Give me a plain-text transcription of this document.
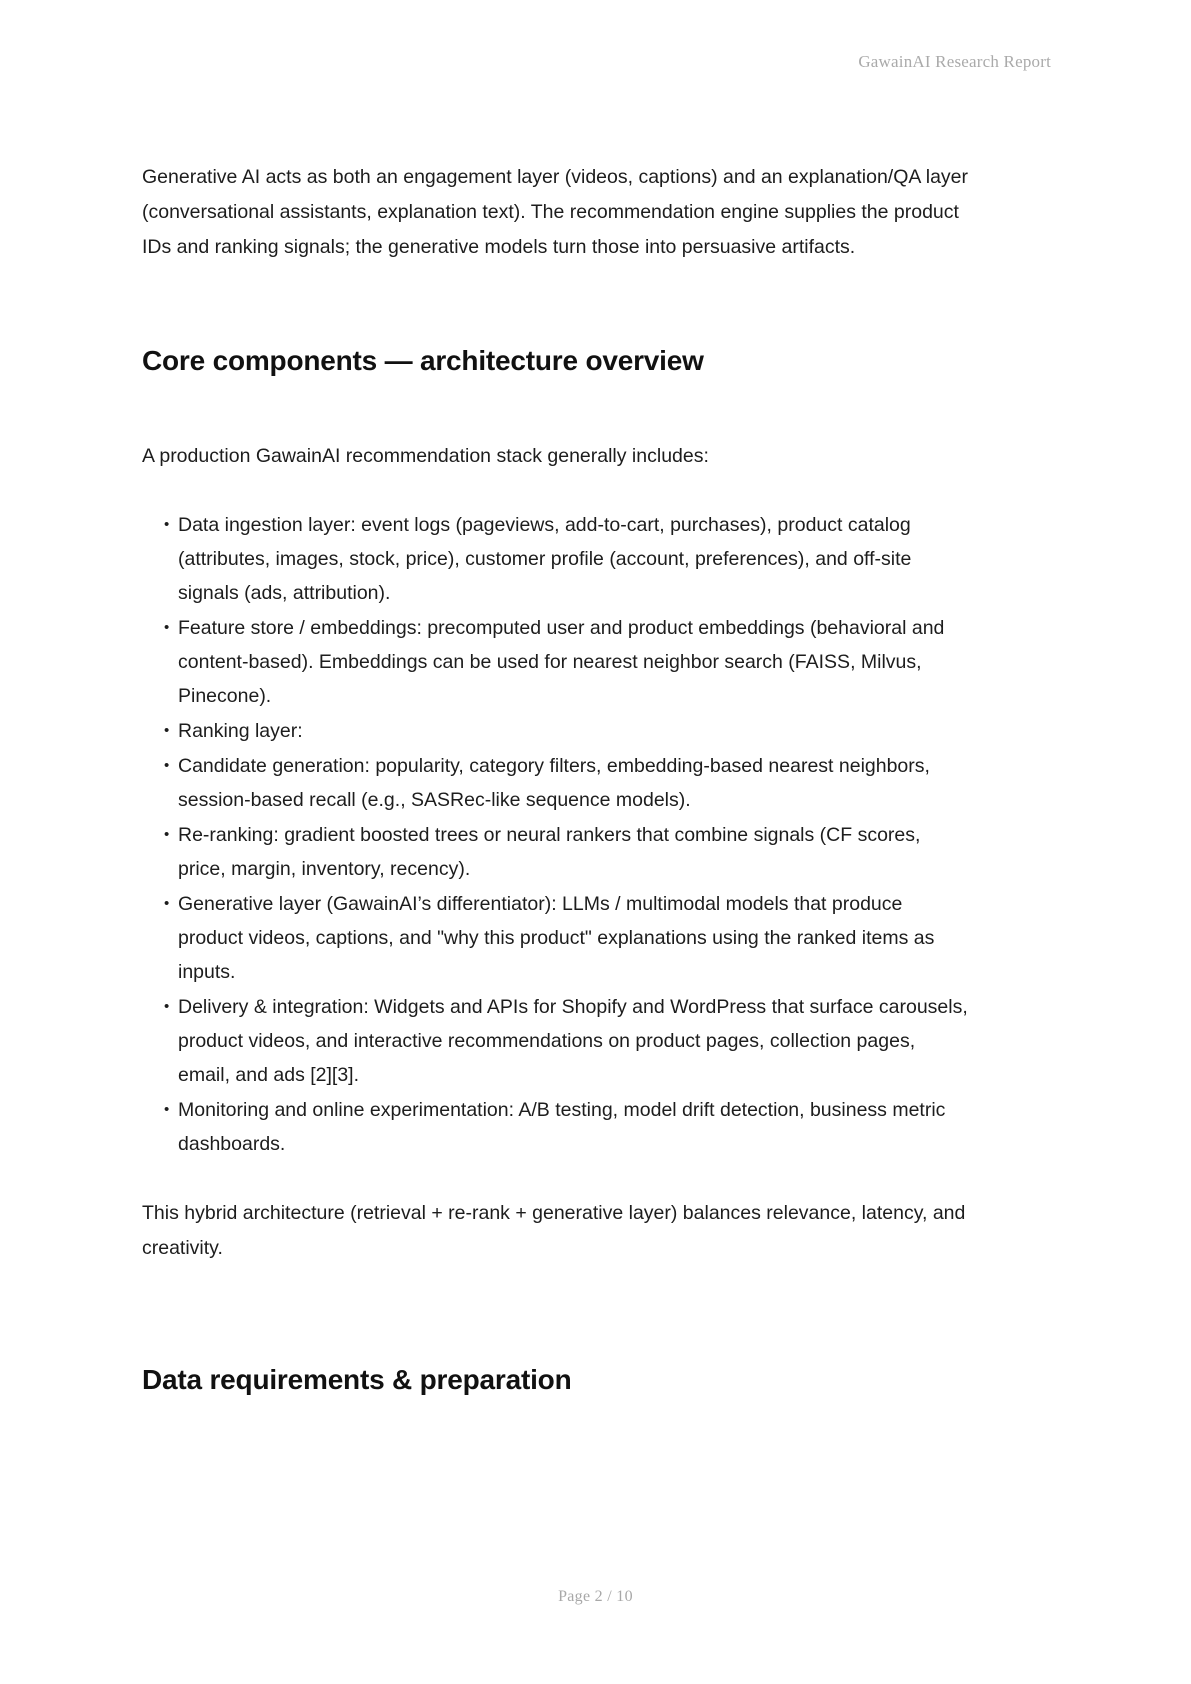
GawainAI Research Report

Generative AI acts as both an engagement layer (videos, captions) and an explanation/QA layer (conversational assistants, explanation text). The recommendation engine supplies the product IDs and ranking signals; the generative models turn those into persuasive artifacts.

Core components — architecture overview

A production GawainAI recommendation stack generally includes:

• Data ingestion layer: event logs (pageviews, add-to-cart, purchases), product catalog (attributes, images, stock, price), customer profile (account, preferences), and off-site signals (ads, attribution).
• Feature store / embeddings: precomputed user and product embeddings (behavioral and content-based). Embeddings can be used for nearest neighbor search (FAISS, Milvus, Pinecone).
• Ranking layer:
• Candidate generation: popularity, category filters, embedding-based nearest neighbors, session-based recall (e.g., SASRec-like sequence models).
• Re-ranking: gradient boosted trees or neural rankers that combine signals (CF scores, price, margin, inventory, recency).
• Generative layer (GawainAI’s differentiator): LLMs / multimodal models that produce product videos, captions, and "why this product" explanations using the ranked items as inputs.
• Delivery & integration: Widgets and APIs for Shopify and WordPress that surface carousels, product videos, and interactive recommendations on product pages, collection pages, email, and ads [2][3].
• Monitoring and online experimentation: A/B testing, model drift detection, business metric dashboards.

This hybrid architecture (retrieval + re-rank + generative layer) balances relevance, latency, and creativity.

Data requirements & preparation
Page 2 / 10
